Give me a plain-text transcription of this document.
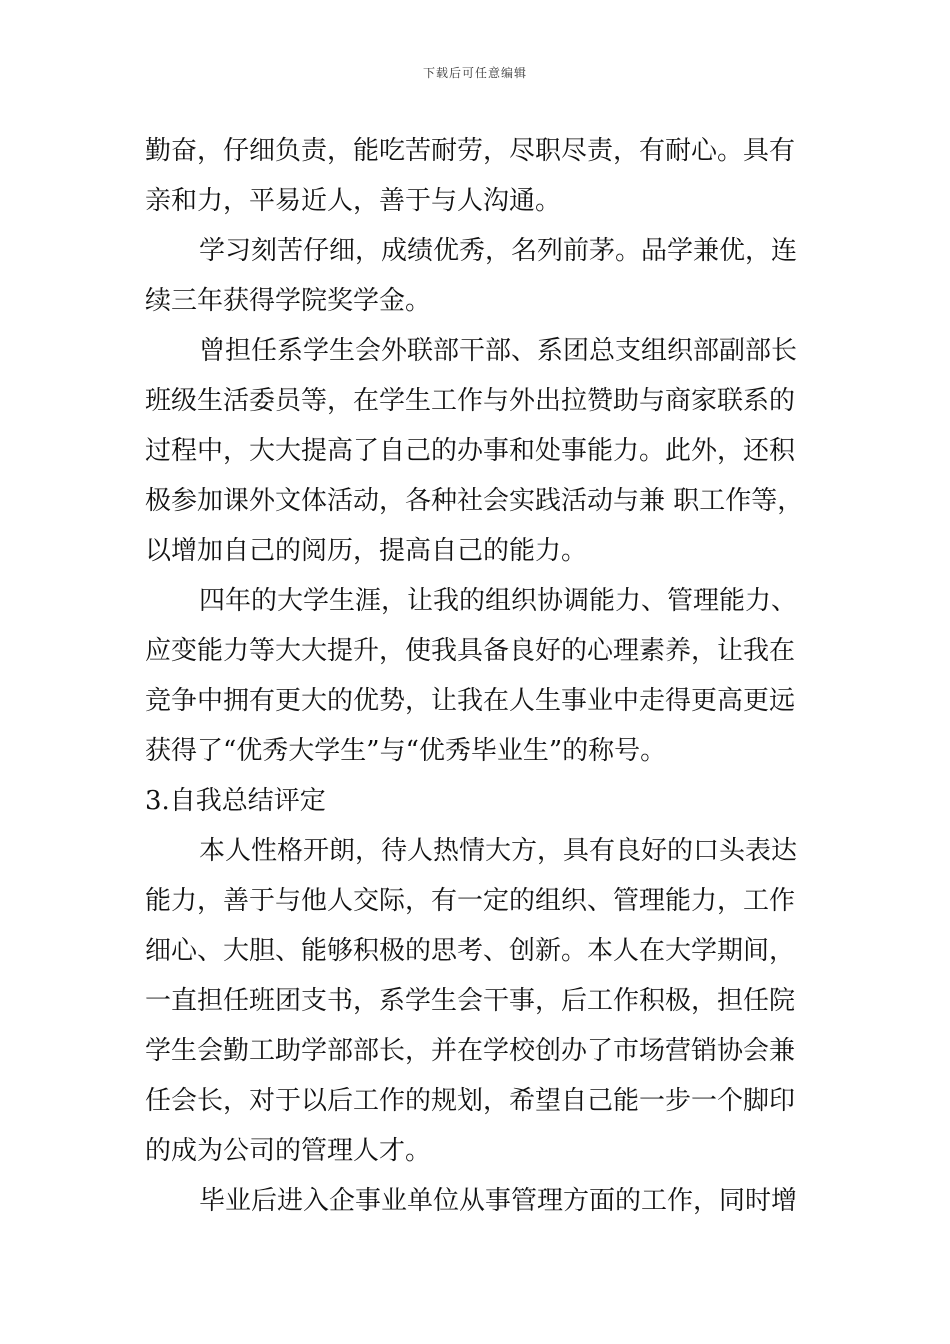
下载后可任意编辑
勤奋，仔细负责，能吃苦耐劳，尽职尽责，有耐心。具有
亲和力，平易近人，善于与人沟通。
学习刻苦仔细，成绩优秀，名列前茅。品学兼优，连
续三年获得学院奖学金。
曾担任系学生会外联部干部、系团总支组织部副部长
班级生活委员等，在学生工作与外出拉赞助与商家联系的
过程中，大大提高了自己的办事和处事能力。此外，还积
极参加课外文体活动，各种社会实践活动与兼 职工作等，
以增加自己的阅历，提高自己的能力。
四年的大学生涯，让我的组织协调能力、管理能力、
应变能力等大大提升，使我具备良好的心理素养，让我在
竞争中拥有更大的优势，让我在人生事业中走得更高更远
获得了“优秀大学生”与“优秀毕业生”的称号。
3.自我总结评定
本人性格开朗，待人热情大方，具有良好的口头表达
能力，善于与他人交际，有一定的组织、管理能力，工作
细心、大胆、能够积极的思考、创新。本人在大学期间，
一直担任班团支书，系学生会干事，后工作积极，担任院
学生会勤工助学部部长，并在学校创办了市场营销协会兼
任会长，对于以后工作的规划，希望自己能一步一个脚印
的成为公司的管理人才。
毕业后进入企事业单位从事管理方面的工作，同时增
